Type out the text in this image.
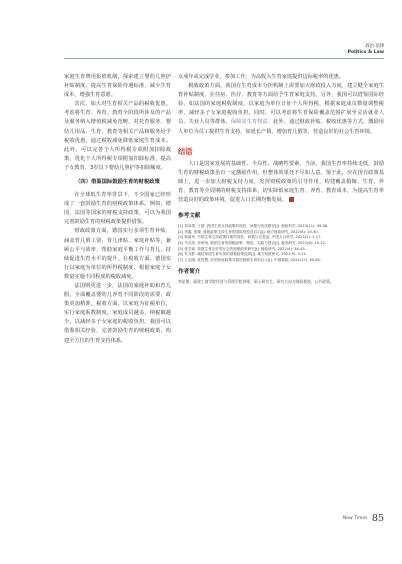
政治·法律
Politics & Law

家庭生育费用报销机制，探索建立婴幼儿照护补贴制度，提高生育保险待遇标准，减少生育成本，增强生育意愿。

其次，加大对生育相关产品的税收优惠。考虑将生育、养育、教育全阶段所涉及的产品及服务纳入增值税减免范畴，对托育服务、婴幼儿用品、生育、教育等相关产品和服务给予税收优惠，通过税收减免降低家庭生育成本。此外，可以完善个人所得税专项附加扣除政策，优化个人所得税专项附加扣除标准，提高子女教育、3岁以下婴幼儿照护等扣除额度。

（四）借鉴国际鼓励生育的财税政策

在全球低生育率背景下，不少国家已经形成了一套鼓励生育的财税政策体系。例如，德国、法国等国家的财税支持政策，可以为我国完善鼓励生育的财税政策提供借鉴。

财政政策方面，德国实行多项生育补贴，涵盖育儿假工资、育儿津贴、家庭补贴等，兼顾公平与效率，帮助家庭平衡工作与育儿，持续促进生育水平的提升。在税收方面，德国实行以家庭为单位的所得税制度，根据家庭子女数量实施不同程度的税收减免。

法国则更进一步，法国的家庭补助和育儿假，全面覆盖婴幼儿养育不同阶段的需要，政策更加精准。税收方面，以家庭为征税单位，实行家庭系数制度，家庭成员越多，纳税额越少，以减轻多子女家庭的税收负担。我国可以借鉴相关经验，完善鼓励生育的财税政策，构建全方位的生育支持体系。

女成年或完成学业，参加工作；为高收入生育家庭提供边际税率的优惠。

税收政策方面，我国在生育成本分担机制上需要加大财政投入力度，建立健全家庭生育补贴制度，在住房、医疗、教育等方面给予生育家庭支持。另外，我国可以借鉴国际经验，如法国的家庭税收制度，以家庭为单位计征个人所得税，根据家庭成员数量调整税率，减轻多子女家庭税收负担。同时，可以考虑将生育保险覆盖范围扩展至灵活就业人员、失业人员等群体，保障其生育权益。此外，通过财政补贴、税收优惠等方式，激励用人单位为员工提供生育支持，如延长产假、增加育儿假等，营造良好的社会生育环境。

结语

人口是国家发展的基础性、全局性、战略性要素。当前，我国生育率持续走低，鼓励生育的财税政策虽有一定激励作用，但整体效果还不尽如人意。鉴于此，应在现有政策基础上，进一步加大财税支持力度，发挥财税政策的引导作用，构建覆盖婚嫁、生育、养育、教育等全周期的财税支持体系，切实降低家庭生育、养育、教育成本，为提高生育率营造良好的政策环境，促进人口长期均衡发展。

参考文献

[1] 刘卓珺, 王超. 我国生育支持政策的现状、问题与优化路径[J]. 财政科学, 2023(11): 49-58.

[2] 李鑫, 张晓. 财税政策支持生育的国际经验及启示[J]. 地方财政研究, 2022(8): 20-30.

[3] 杨菊华. 中国生育支持政策体系的现状、问题与完善[J]. 中国人口科学, 2023(2): 1-17.

[4] 马光荣, 李承怡. 鼓励生育的财税政策：理论、实践与建议[J]. 税务研究, 2022(6): 15-22.

[5] 张学诞. 构建生育友好型社会的财税政策研究[J]. 财政研究, 2022(4): 34-45.

[6] 朱为群. 减轻家庭生育负担的财税政策选择[J]. 地方财政研究, 2021(9): 4-11.

[7] 王志刚, 张智慧. 法国家庭政策对我国鼓励生育的启示[J]. 中国财政, 2021(17): 60-62.

作者简介

李思敏，福建工商学院经济与管理学院讲师，硕士研究生，研究方向为财政税收、公共政策。

New Times 85
